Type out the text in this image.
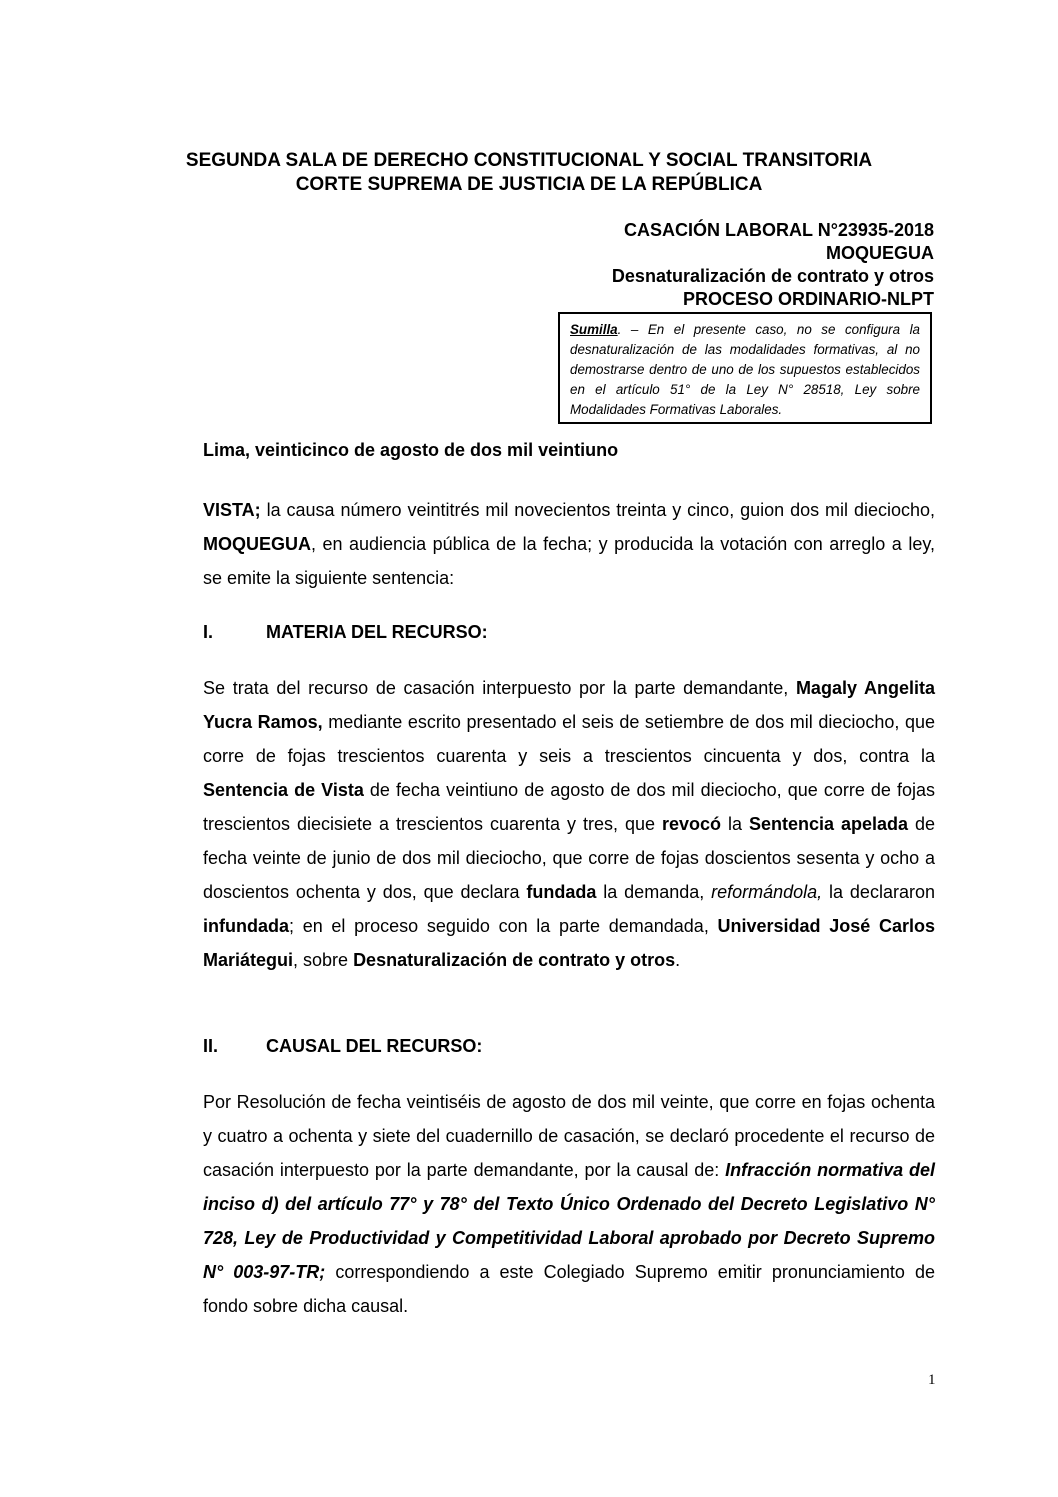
SEGUNDA SALA DE DERECHO CONSTITUCIONAL Y SOCIAL TRANSITORIA
CORTE SUPREMA DE JUSTICIA DE LA REPÚBLICA
CASACIÓN LABORAL N°23935-2018
MOQUEGUA
Desnaturalización de contrato y otros
PROCESO ORDINARIO-NLPT
Sumilla. – En el presente caso, no se configura la desnaturalización de las modalidades formativas, al no demostrarse dentro de uno de los supuestos establecidos en el artículo 51° de la Ley N° 28518, Ley sobre Modalidades Formativas Laborales.
Lima, veinticinco de agosto de dos mil veintiuno
VISTA; la causa número veintitrés mil novecientos treinta y cinco, guion dos mil dieciocho, MOQUEGUA, en audiencia pública de la fecha; y producida la votación con arreglo a ley, se emite la siguiente sentencia:
I.	MATERIA DEL RECURSO:
Se trata del recurso de casación interpuesto por la parte demandante, Magaly Angelita Yucra Ramos, mediante escrito presentado el seis de setiembre de dos mil dieciocho, que corre de fojas trescientos cuarenta y seis a trescientos cincuenta y dos, contra la Sentencia de Vista de fecha veintiuno de agosto de dos mil dieciocho, que corre de fojas trescientos diecisiete a trescientos cuarenta y tres, que revocó la Sentencia apelada de fecha veinte de junio de dos mil dieciocho, que corre de fojas doscientos sesenta y ocho a doscientos ochenta y dos, que declara fundada la demanda, reformándola, la declararon infundada; en el proceso seguido con la parte demandada, Universidad José Carlos Mariátegui, sobre Desnaturalización de contrato y otros.
II.	CAUSAL DEL RECURSO:
Por Resolución de fecha veintiséis de agosto de dos mil veinte, que corre en fojas ochenta y cuatro a ochenta y siete del cuadernillo de casación, se declaró procedente el recurso de casación interpuesto por la parte demandante, por la causal de: Infracción normativa del inciso d) del artículo 77° y 78° del Texto Único Ordenado del Decreto Legislativo N° 728, Ley de Productividad y Competitividad Laboral aprobado por Decreto Supremo N° 003-97-TR; correspondiendo a este Colegiado Supremo emitir pronunciamiento de fondo sobre dicha causal.
1
